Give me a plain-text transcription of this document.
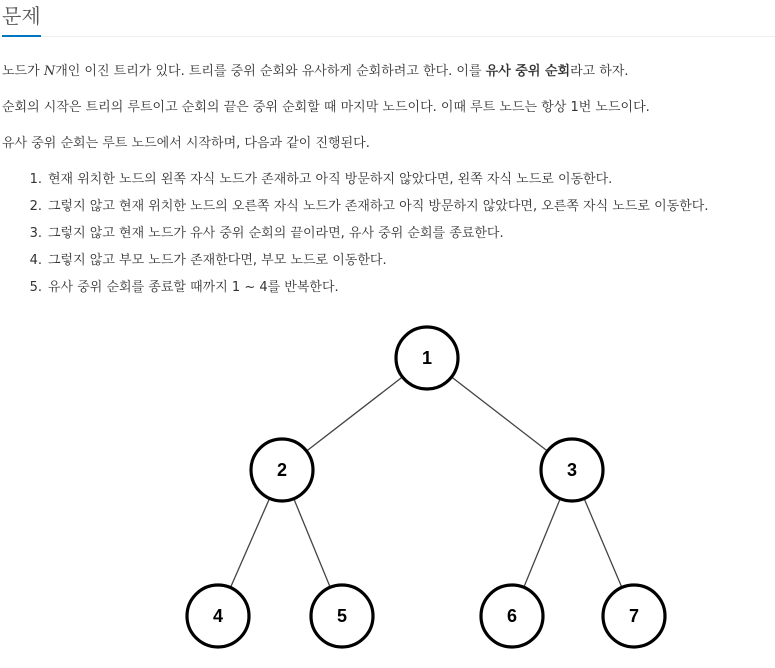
문제

노드가 N개인 이진 트리가 있다. 트리를 중위 순회와 유사하게 순회하려고 한다. 이를 유사 중위 순회라고 하자.

순회의 시작은 트리의 루트이고 순회의 끝은 중위 순회할 때 마지막 노드이다. 이때 루트 노드는 항상 1번 노드이다.

유사 중위 순회는 루트 노드에서 시작하며, 다음과 같이 진행된다.

1. 현재 위치한 노드의 왼쪽 자식 노드가 존재하고 아직 방문하지 않았다면, 왼쪽 자식 노드로 이동한다.
2. 그렇지 않고 현재 위치한 노드의 오른쪽 자식 노드가 존재하고 아직 방문하지 않았다면, 오른쪽 자식 노드로 이동한다.
3. 그렇지 않고 현재 노드가 유사 중위 순회의 끝이라면, 유사 중위 순회를 종료한다.
4. 그렇지 않고 부모 노드가 존재한다면, 부모 노드로 이동한다.
5. 유사 중위 순회를 종료할 때까지 1 ~ 4를 반복한다.
1
2	3
4	5	6	7
